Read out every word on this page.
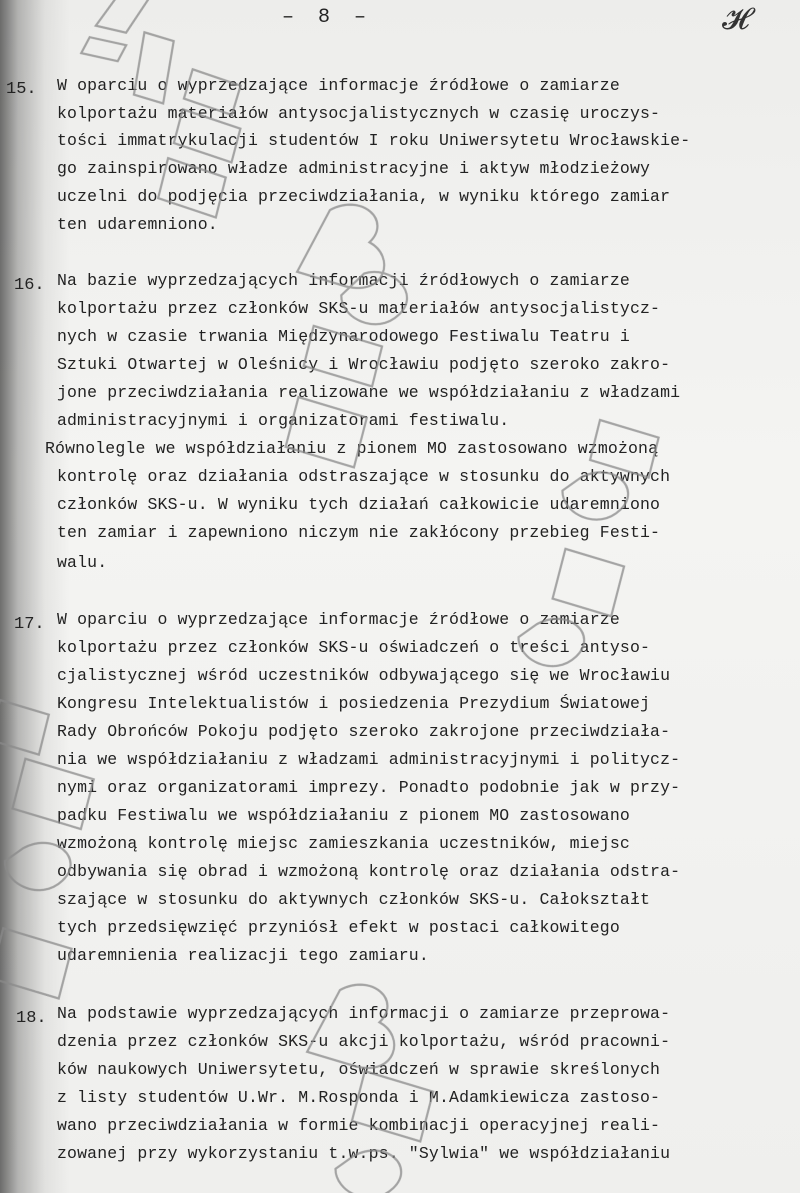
– 8 –	𝓗
15. W oparciu o wyprzedzające informacje źródłowe o zamiarze
kolportażu materiałów antysocjalistycznych w czasię uroczys-
tości immatrykulacji studentów I roku Uniwersytetu Wrocławskie-
go zainspirowano władze administracyjne i aktyw młodzieżowy
uczelni do podjęcia przeciwdziałania, w wyniku którego zamiar
ten udaremniono.
16. Na bazie wyprzedzających informacji źródłowych o zamiarze
kolportażu przez członków SKS-u materiałów antysocjalistycz-
nych w czasie trwania Międzynarodowego Festiwalu Teatru i
Sztuki Otwartej w Oleśnicy i Wrocławiu podjęto szeroko zakro-
jone przeciwdziałania realizowane we współdziałaniu z władzami
administracyjnymi i organizatorami festiwalu.
Równolegle we współdziałaniu z pionem MO zastosowano wzmożoną
kontrolę oraz działania odstraszające w stosunku do aktywnych
członków SKS-u. W wyniku tych działań całkowicie udaremniono
ten zamiar i zapewniono niczym nie zakłócony przebieg Festi-
walu.
17. W oparciu o wyprzedzające informacje źródłowe o zamiarze
kolportażu przez członków SKS-u oświadczeń o treści antyso-
cjalistycznej wśród uczestników odbywającego się we Wrocławiu
Kongresu Intelektualistów i posiedzenia Prezydium Światowej
Rady Obrońców Pokoju podjęto szeroko zakrojone przeciwdziała-
nia we współdziałaniu z władzami administracyjnymi i politycz-
nymi oraz organizatorami imprezy. Ponadto podobnie jak w przy-
padku Festiwalu we współdziałaniu z pionem MO zastosowano
wzmożoną kontrolę miejsc zamieszkania uczestników, miejsc
odbywania się obrad i wzmożoną kontrolę oraz działania odstra-
szające w stosunku do aktywnych członków SKS-u. Całokształt
tych przedsięwzięć przyniósł efekt w postaci całkowitego
udaremnienia realizacji tego zamiaru.
18. Na podstawie wyprzedzających informacji o zamiarze przeprowa-
dzenia przez członków SKS-u akcji kolportażu, wśród pracowni-
ków naukowych Uniwersytetu, oświadczeń w sprawie skreślonych
z listy studentów U.Wr. M.Rosponda i M.Adamkiewicza zastoso-
wano przeciwdziałania w formie kombinacji operacyjnej reali-
zowanej przy wykorzystaniu t.w.ps. "Sylwia" we współdziałaniu
